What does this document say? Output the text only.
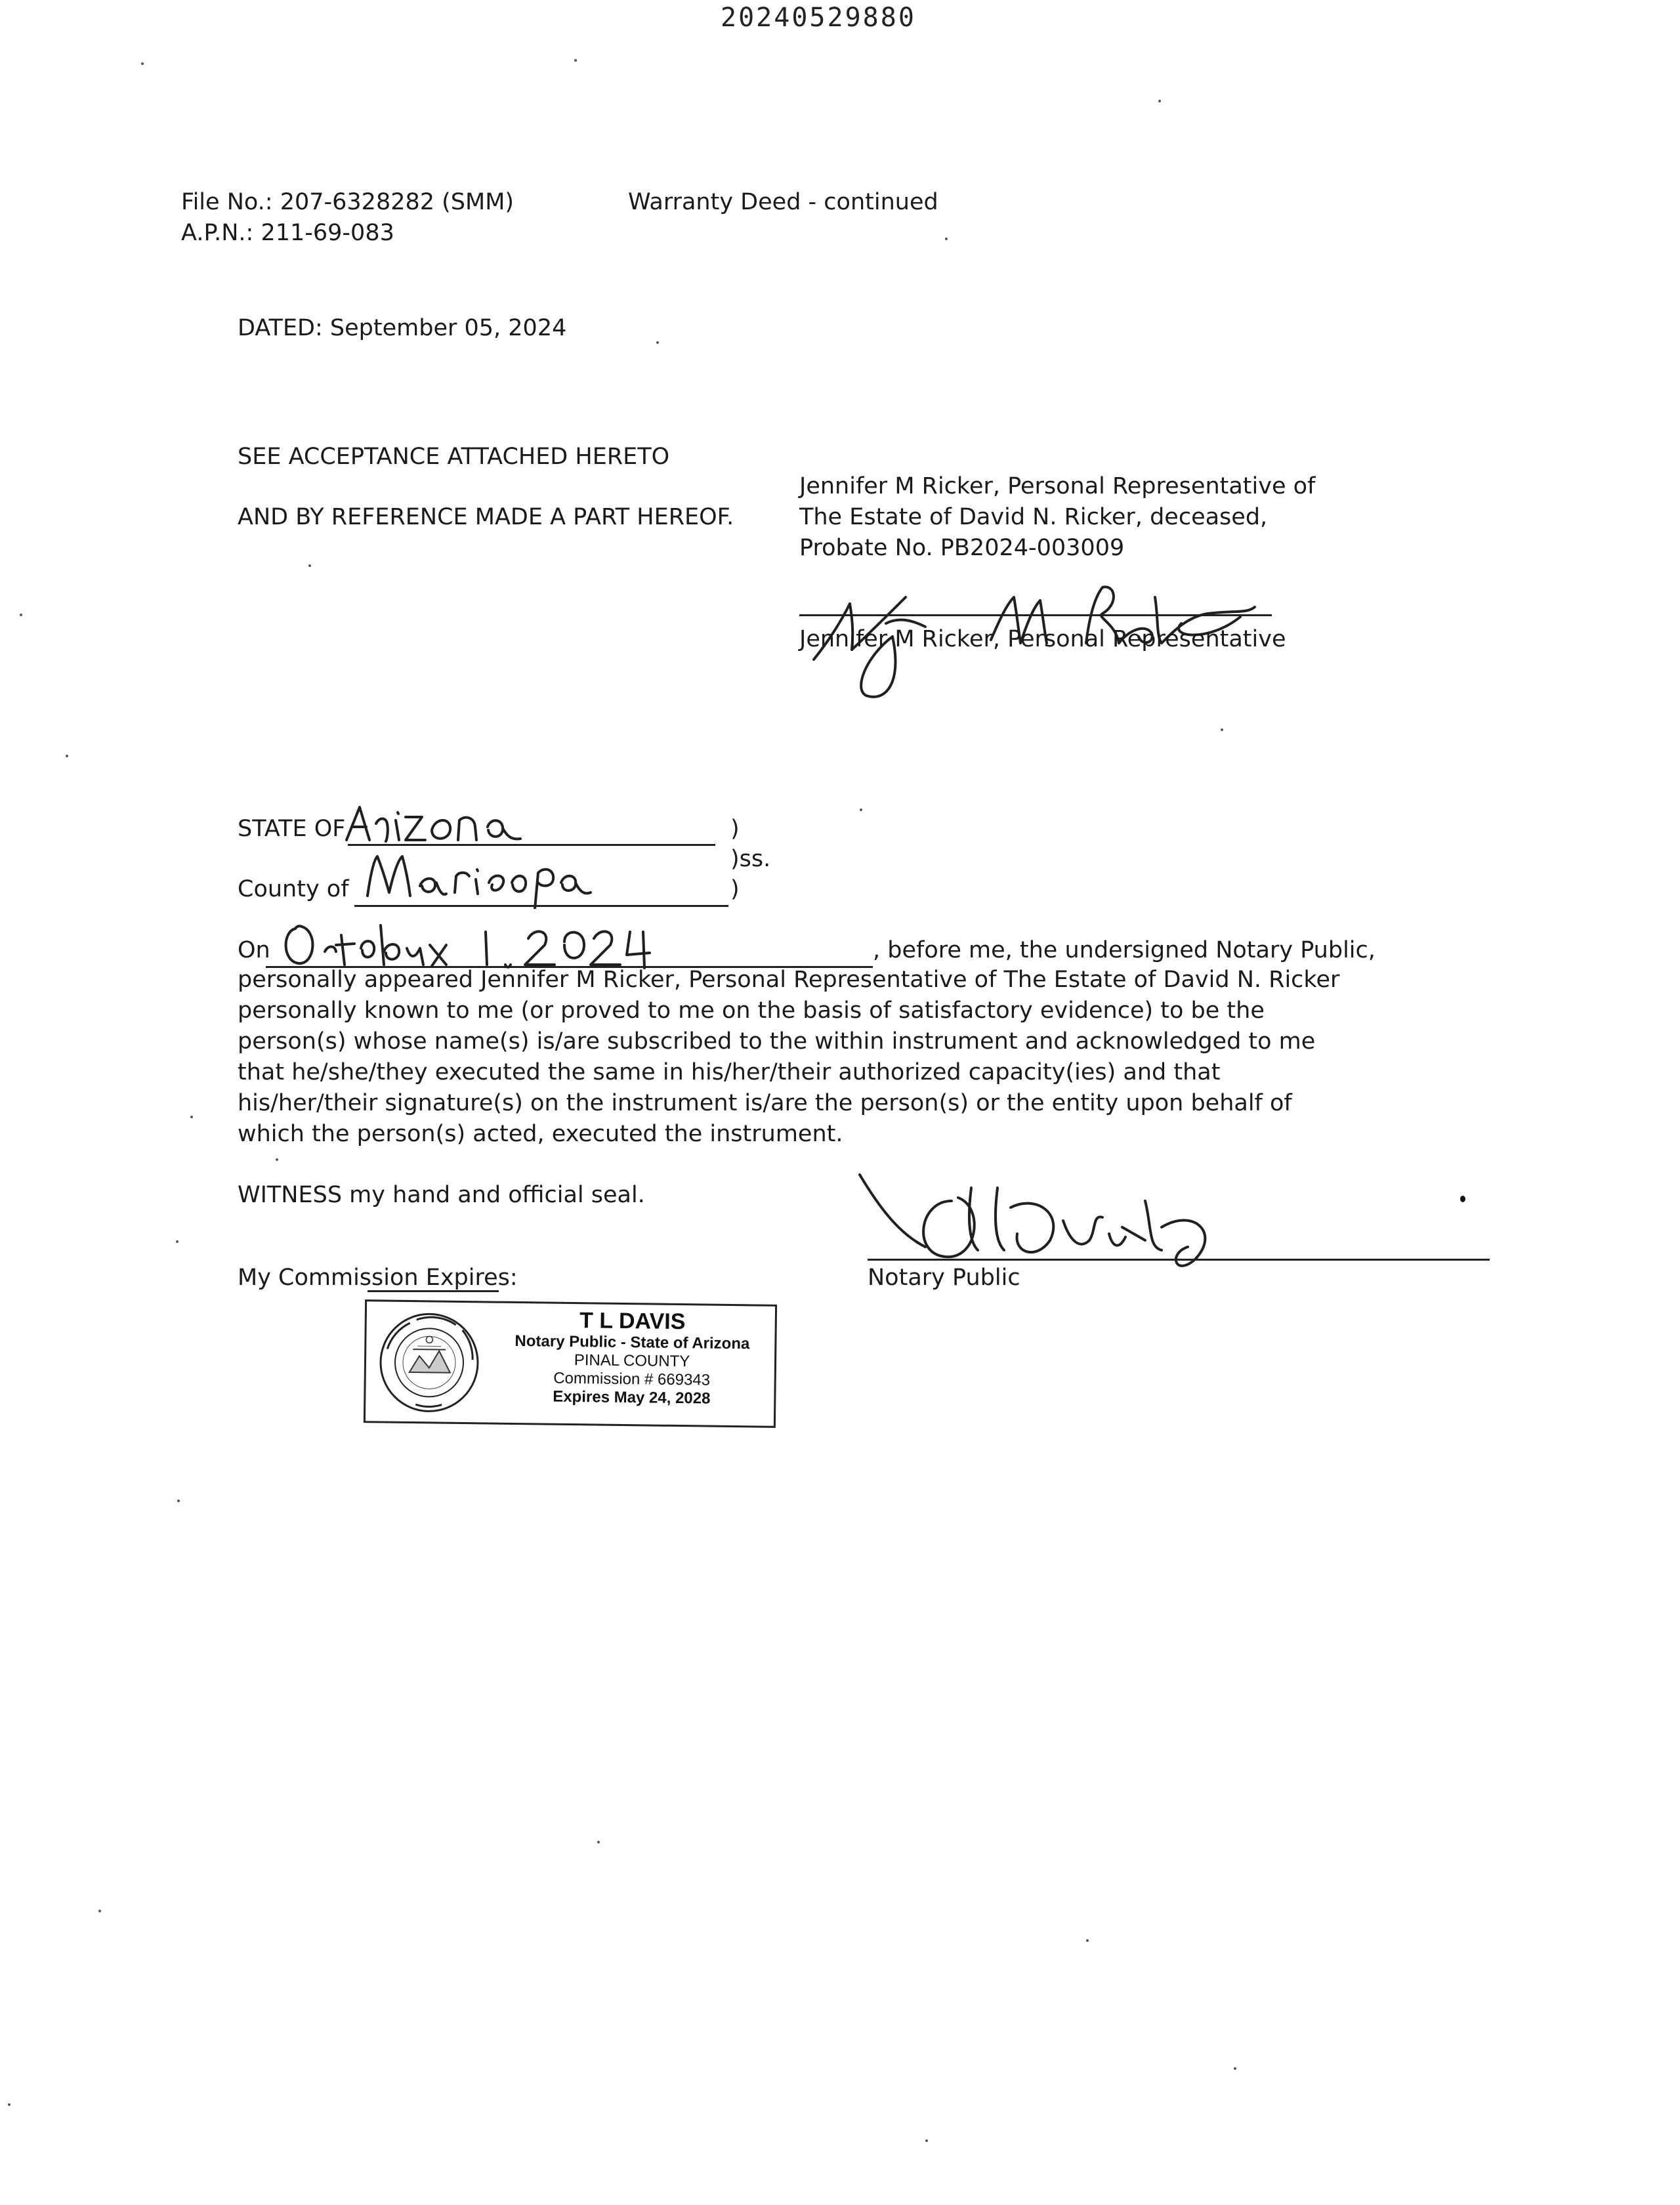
20240529880
File No.: 207-6328282 (SMM)
A.P.N.: 211-69-083
Warranty Deed - continued
DATED: September 05, 2024
SEE ACCEPTANCE ATTACHED HERETO
AND BY REFERENCE MADE A PART HEREOF.
Jennifer M Ricker, Personal Representative of
The Estate of David N. Ricker, deceased,
Probate No. PB2024-003009
Jennifer M Ricker, Personal Representative
STATE OF	)
)ss.
County of	)
On	, before me, the undersigned Notary Public,
personally appeared Jennifer M Ricker, Personal Representative of The Estate of David N. Ricker personally known to me (or proved to me on the basis of satisfactory evidence) to be the person(s) whose name(s) is/are subscribed to the within instrument and acknowledged to me that he/she/they executed the same in his/her/their authorized capacity(ies) and that his/her/their signature(s) on the instrument is/are the person(s) or the entity upon behalf of which the person(s) acted, executed the instrument.
WITNESS my hand and official seal.
Notary Public
My Commission Expires:
T L DAVIS
Notary Public - State of Arizona
PINAL COUNTY
Commission # 669343
Expires May 24, 2028
